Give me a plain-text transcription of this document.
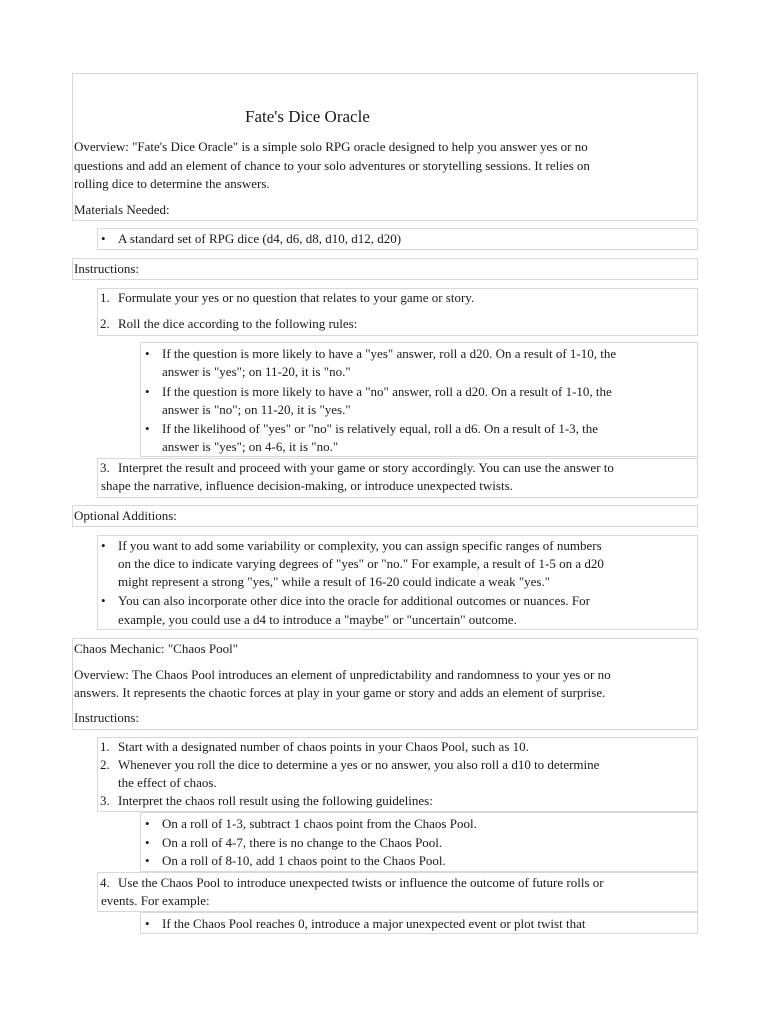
Fate's Dice Oracle
Overview: "Fate's Dice Oracle" is a simple solo RPG oracle designed to help you answer yes or no
questions and add an element of chance to your solo adventures or storytelling sessions. It relies on
rolling dice to determine the answers.
Materials Needed:
• A standard set of RPG dice (d4, d6, d8, d10, d12, d20)
Instructions:
1. Formulate your yes or no question that relates to your game or story.
2. Roll the dice according to the following rules:
• If the question is more likely to have a "yes" answer, roll a d20. On a result of 1-10, the
answer is "yes"; on 11-20, it is "no."
• If the question is more likely to have a "no" answer, roll a d20. On a result of 1-10, the
answer is "no"; on 11-20, it is "yes."
• If the likelihood of "yes" or "no" is relatively equal, roll a d6. On a result of 1-3, the
answer is "yes"; on 4-6, it is "no."
3. Interpret the result and proceed with your game or story accordingly. You can use the answer to
shape the narrative, influence decision-making, or introduce unexpected twists.
Optional Additions:
• If you want to add some variability or complexity, you can assign specific ranges of numbers
on the dice to indicate varying degrees of "yes" or "no." For example, a result of 1-5 on a d20
might represent a strong "yes," while a result of 16-20 could indicate a weak "yes."
• You can also incorporate other dice into the oracle for additional outcomes or nuances. For
example, you could use a d4 to introduce a "maybe" or "uncertain" outcome.
Chaos Mechanic: "Chaos Pool"
Overview: The Chaos Pool introduces an element of unpredictability and randomness to your yes or no
answers. It represents the chaotic forces at play in your game or story and adds an element of surprise.
Instructions:
1. Start with a designated number of chaos points in your Chaos Pool, such as 10.
2. Whenever you roll the dice to determine a yes or no answer, you also roll a d10 to determine
the effect of chaos.
3. Interpret the chaos roll result using the following guidelines:
• On a roll of 1-3, subtract 1 chaos point from the Chaos Pool.
• On a roll of 4-7, there is no change to the Chaos Pool.
• On a roll of 8-10, add 1 chaos point to the Chaos Pool.
4. Use the Chaos Pool to introduce unexpected twists or influence the outcome of future rolls or
events. For example:
• If the Chaos Pool reaches 0, introduce a major unexpected event or plot twist that
